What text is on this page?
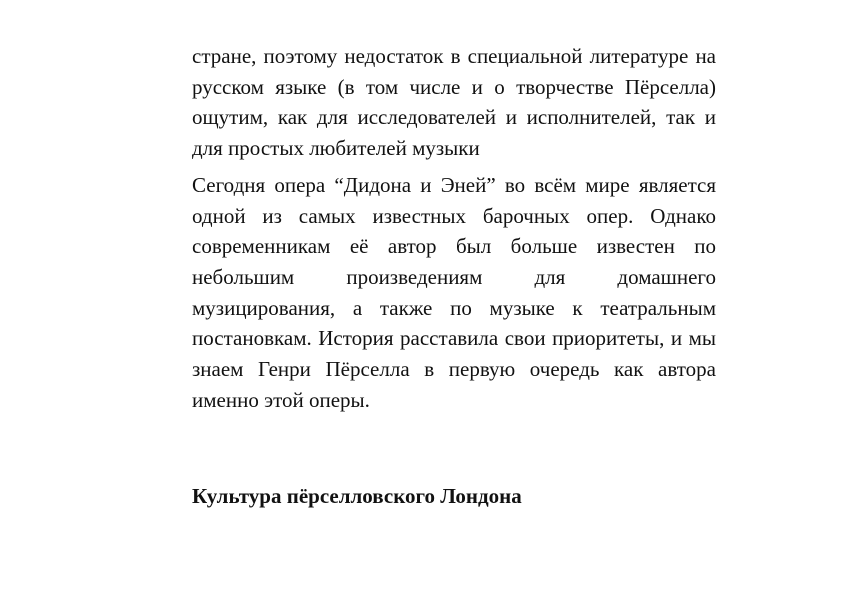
стране, поэтому недостаток в специальной литературе на русском языке (в том числе и о творчестве Пёрселла) ощутим, как для исследователей и исполнителей, так и для простых любителей музыки

Сегодня опера “Дидона и Эней” во всём мире является одной из самых известных барочных опер. Однако современникам её автор был больше известен по небольшим произведениям для домашнего музицирования, а также по музыке к театральным постановкам. История расставила свои приоритеты, и мы знаем Генри Пёрселла в первую очередь как автора именно этой оперы.

Культура пёрселловского Лондона
